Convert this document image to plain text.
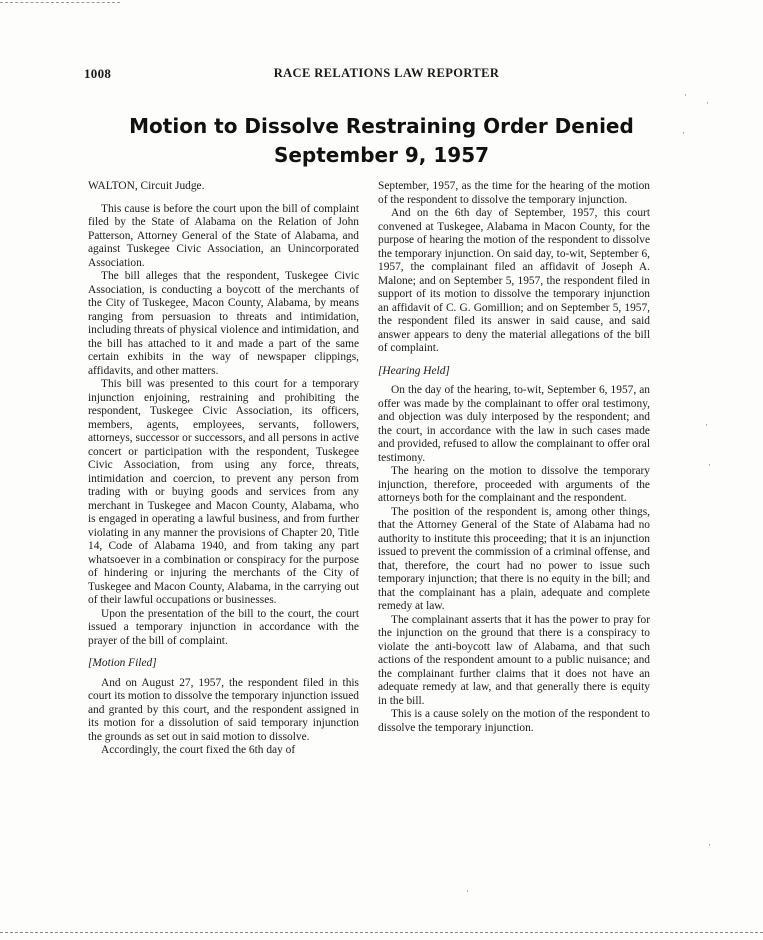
1008	RACE RELATIONS LAW REPORTER
Motion to Dissolve Restraining Order Denied
September 9, 1957

WALTON, Circuit Judge.

This cause is before the court upon the bill of complaint filed by the State of Alabama on the Relation of John Patterson, Attorney General of the State of Alabama, and against Tuskegee Civic Association, an Unincorporated Association.

The bill alleges that the respondent, Tuskegee Civic Association, is conducting a boycott of the merchants of the City of Tuskegee, Macon County, Alabama, by means ranging from persuasion to threats and intimidation, including threats of physical violence and intimidation, and the bill has attached to it and made a part of the same certain exhibits in the way of newspaper clippings, affidavits, and other matters.

This bill was presented to this court for a temporary injunction enjoining, restraining and prohibiting the respondent, Tuskegee Civic Association, its officers, members, agents, employees, servants, followers, attorneys, successor or successors, and all persons in active concert or participation with the respondent, Tuskegee Civic Association, from using any force, threats, intimidation and coercion, to prevent any person from trading with or buying goods and services from any merchant in Tuskegee and Macon County, Alabama, who is engaged in operating a lawful business, and from further violating in any manner the provisions of Chapter 20, Title 14, Code of Alabama 1940, and from taking any part whatsoever in a combination or conspiracy for the purpose of hindering or injuring the merchants of the City of Tuskegee and Macon County, Alabama, in the carrying out of their lawful occupations or businesses.

Upon the presentation of the bill to the court, the court issued a temporary injunction in accordance with the prayer of the bill of complaint.

[Motion Filed]

And on August 27, 1957, the respondent filed in this court its motion to dissolve the temporary injunction issued and granted by this court, and the respondent assigned in its motion for a dissolution of said temporary injunction the grounds as set out in said motion to dissolve.

Accordingly, the court fixed the 6th day of

September, 1957, as the time for the hearing of the motion of the respondent to dissolve the temporary injunction.

And on the 6th day of September, 1957, this court convened at Tuskegee, Alabama in Macon County, for the purpose of hearing the motion of the respondent to dissolve the temporary injunction. On said day, to-wit, September 6, 1957, the complainant filed an affidavit of Joseph A. Malone; and on September 5, 1957, the respondent filed in support of its motion to dissolve the temporary injunction an affidavit of C. G. Gomillion; and on September 5, 1957, the respondent filed its answer in said cause, and said answer appears to deny the material allegations of the bill of complaint.

[Hearing Held]

On the day of the hearing, to-wit, September 6, 1957, an offer was made by the complainant to offer oral testimony, and objection was duly interposed by the respondent; and the court, in accordance with the law in such cases made and provided, refused to allow the complainant to offer oral testimony.

The hearing on the motion to dissolve the temporary injunction, therefore, proceeded with arguments of the attorneys both for the complainant and the respondent.

The position of the respondent is, among other things, that the Attorney General of the State of Alabama had no authority to institute this proceeding; that it is an injunction issued to prevent the commission of a criminal offense, and that, therefore, the court had no power to issue such temporary injunction; that there is no equity in the bill; and that the complainant has a plain, adequate and complete remedy at law.

The complainant asserts that it has the power to pray for the injunction on the ground that there is a conspiracy to violate the anti-boycott law of Alabama, and that such actions of the respondent amount to a public nuisance; and the complainant further claims that it does not have an adequate remedy at law, and that generally there is equity in the bill.

This is a cause solely on the motion of the respondent to dissolve the temporary injunction.

·
·
·
·
·
·
·
